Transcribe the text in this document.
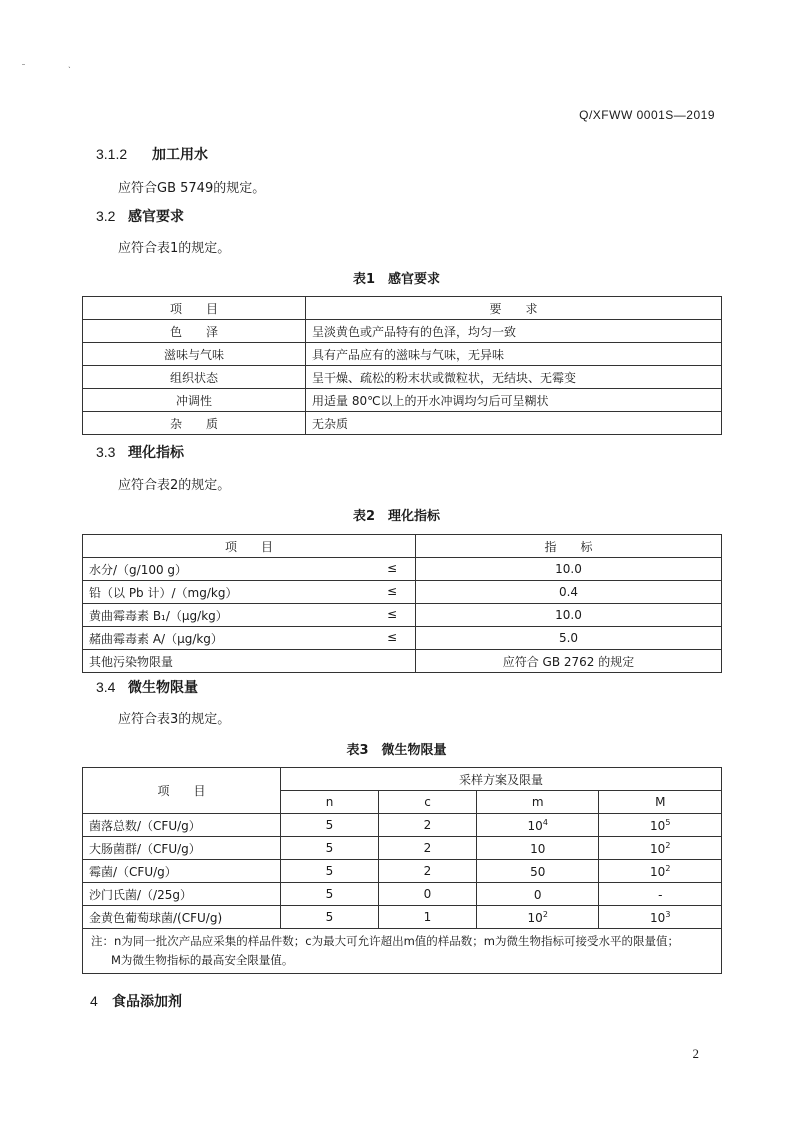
˴
Q/XFWW 0001S—2019
3.1.2 加工用水
应符合GB 5749的规定。
3.2 感官要求
应符合表1的规定。
表1　感官要求
项　　目	要　　求
色　　泽	呈淡黄色或产品特有的色泽，均匀一致
滋味与气味	具有产品应有的滋味与气味，无异味
组织状态	呈干燥、疏松的粉末状或微粒状，无结块、无霉变
冲调性	用适量 80℃以上的开水冲调均匀后可呈糊状
杂　　质	无杂质
3.3 理化指标
应符合表2的规定。
表2　理化指标
项　　目	指　　标
水分/（g/100 g） ≤	10.0
铅（以 Pb 计）/（mg/kg） ≤	0.4
黄曲霉毒素 B₁/（μg/kg） ≤	10.0
赭曲霉毒素 A/（μg/kg） ≤	5.0
其他污染物限量	应符合 GB 2762 的规定
3.4 微生物限量
应符合表3的规定。
表3　微生物限量
项　　目	采样方案及限量			
	n	c	m	M
菌落总数/（CFU/g）	5	2	$10^4$	$10^5$
大肠菌群/（CFU/g）	5	2	10	$10^2$
霉菌/（CFU/g）	5	2	50	$10^2$
沙门氏菌/（/25g）	5	0	0	-
金黄色葡萄球菌/(CFU/g)	5	1	$10^2$	$10^3$

注：n为同一批次产品应采集的样品件数；c为最大可允许超出m值的样品数；m为微生物指标可接受水平的限量值；
M为微生物指标的最高安全限量值。				
4 食品添加剂
2
